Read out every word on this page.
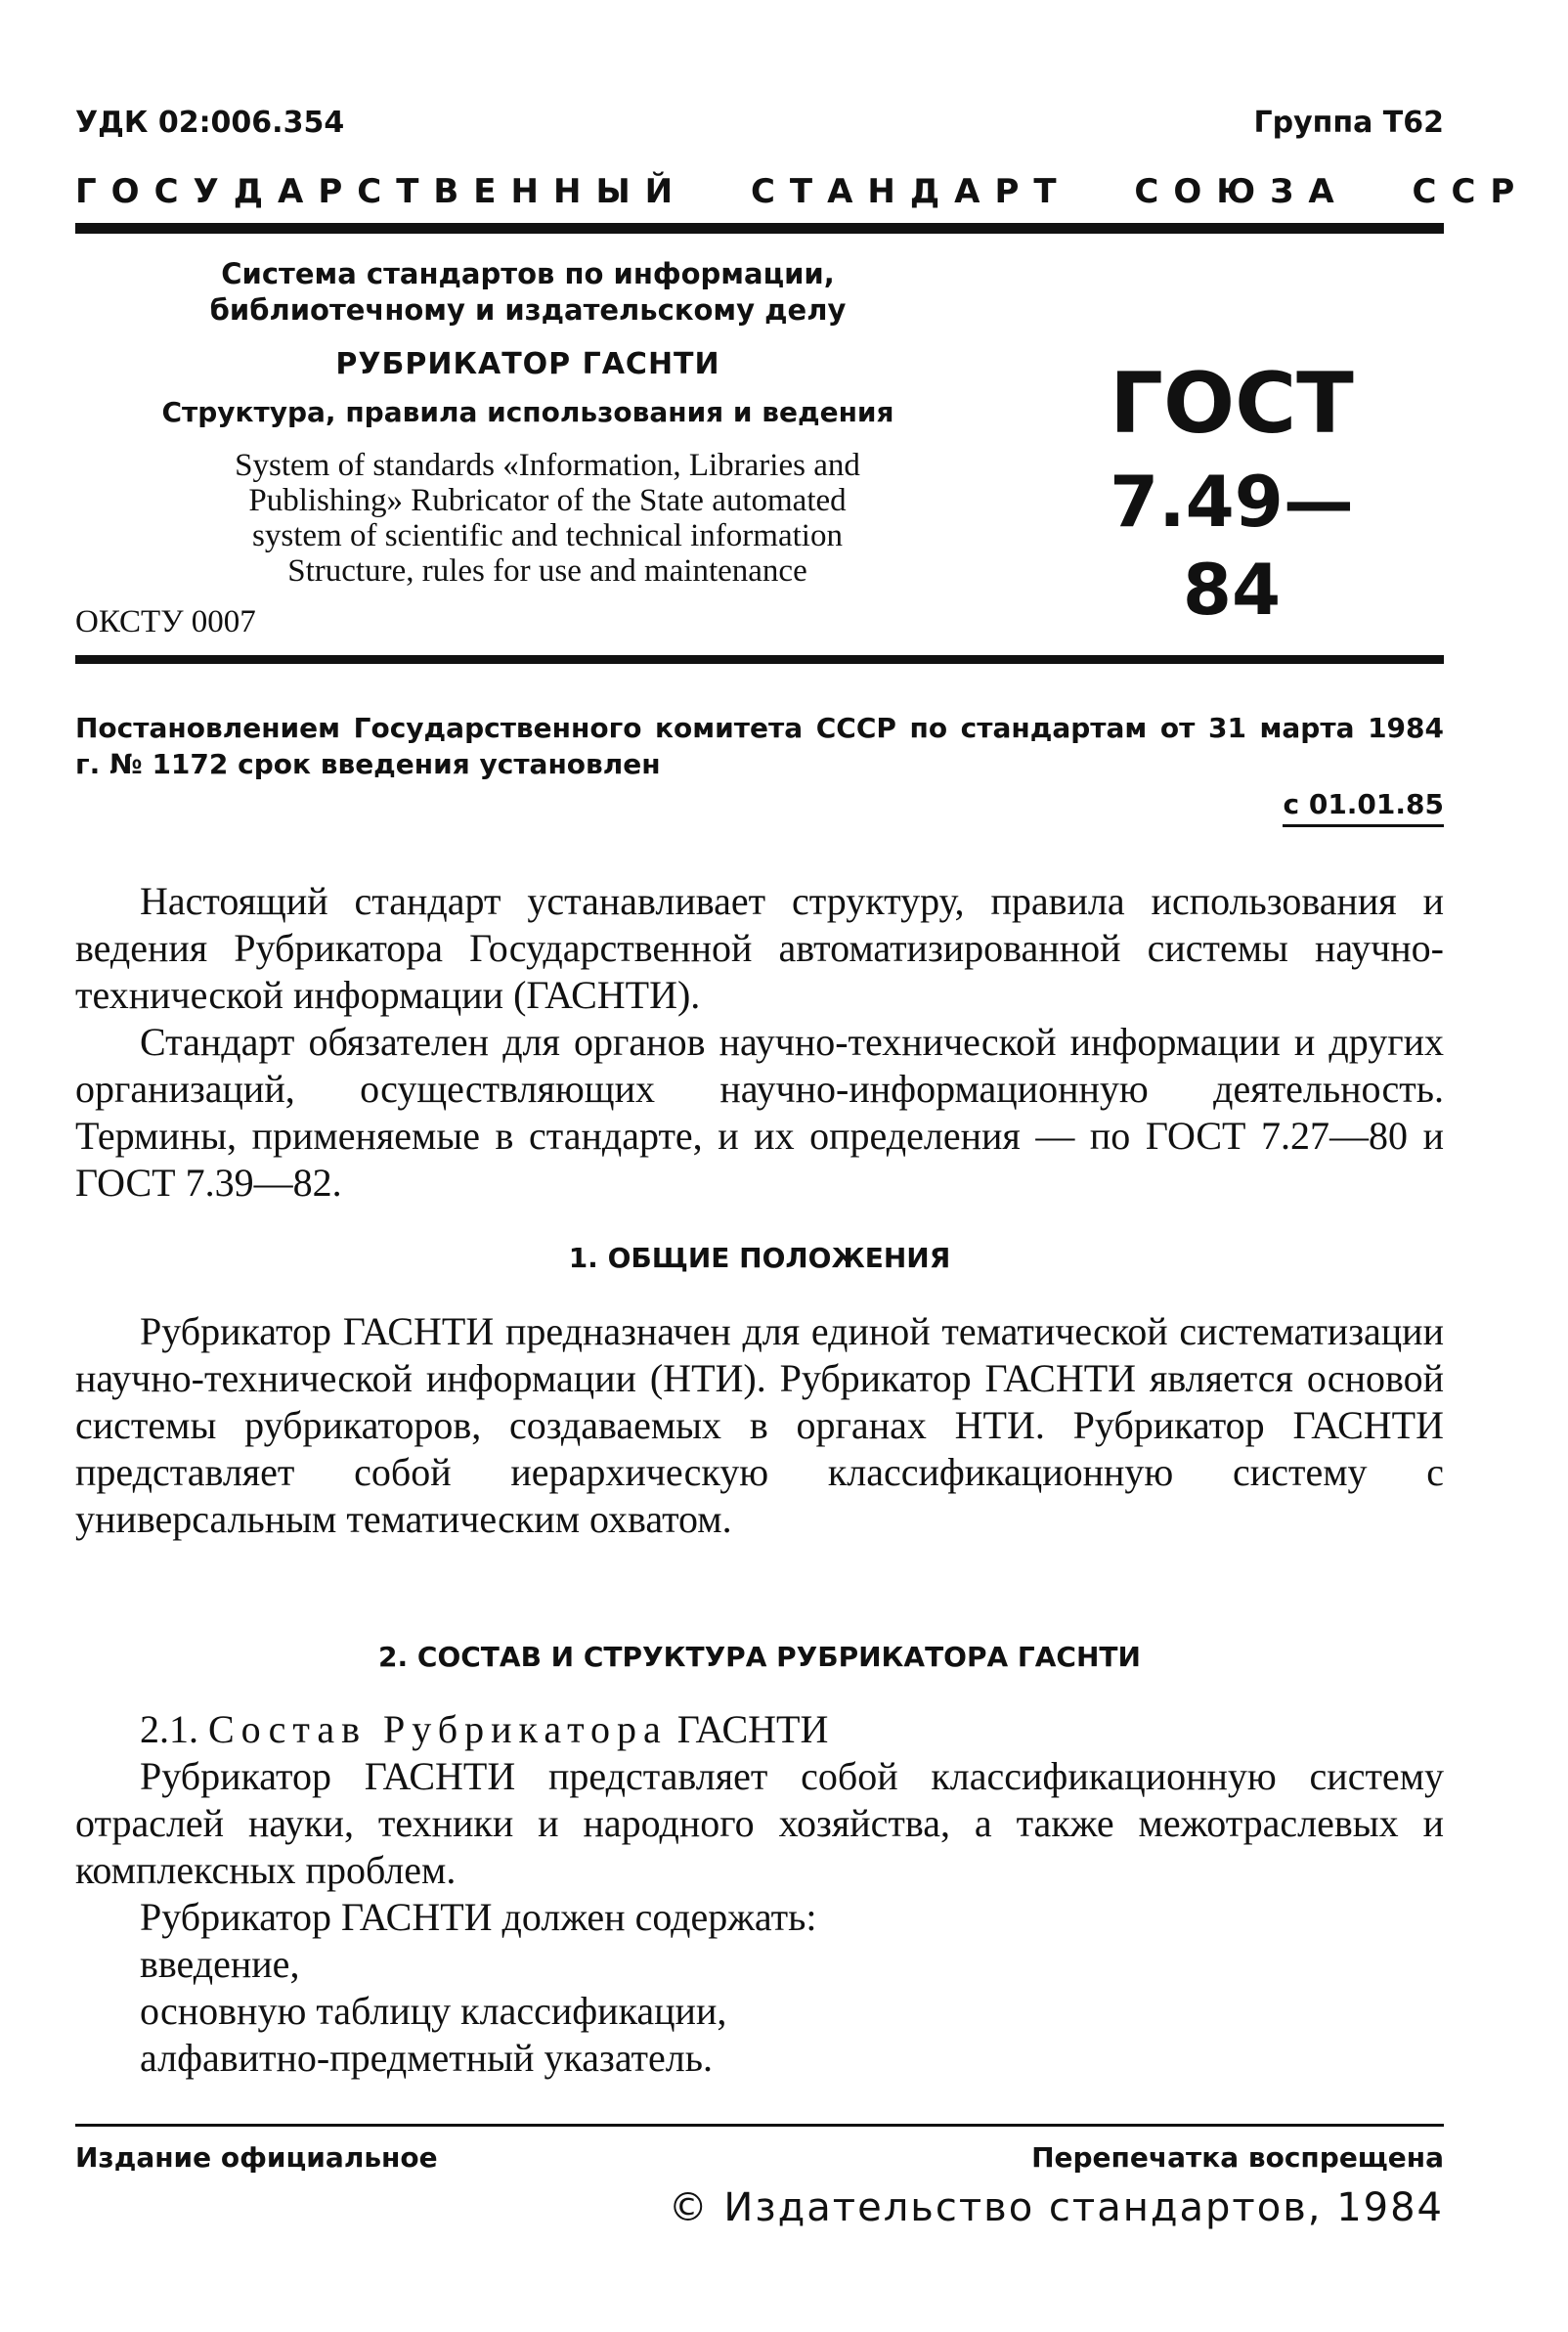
УДК 02:006.354	Группа Т62
ГОСУДАРСТВЕННЫЙ СТАНДАРТ СОЮЗА ССР
Система стандартов по информации,
библиотечному и издательскому делу
РУБРИКАТОР ГАСНТИ
Структура, правила использования и ведения
System of standards «Information, Libraries and
Publishing» Rubricator of the State automated
system of scientific and technical information
Structure, rules for use and maintenance
ОКСТУ 0007
ГОСТ
7.49—84
Постановлением Государственного комитета СССР по стандартам от 31 марта 1984 г. № 1172 срок введения установлен
с 01.01.85

Настоящий стандарт устанавливает структуру, правила использования и ведения Рубрикатора Государственной автоматизированной системы научно-технической информации (ГАСНТИ).

Стандарт обязателен для органов научно-технической информации и других организаций, осуществляющих научно-информационную деятельность. Термины, применяемые в стандарте, и их определения — по ГОСТ 7.27—80 и ГОСТ 7.39—82.

1. ОБЩИЕ ПОЛОЖЕНИЯ

Рубрикатор ГАСНТИ предназначен для единой тематической систематизации научно-технической информации (НТИ). Рубрикатор ГАСНТИ является основой системы рубрикаторов, создаваемых в органах НТИ. Рубрикатор ГАСНТИ представляет собой иерархическую классификационную систему с универсальным тематическим охватом.

2. СОСТАВ И СТРУКТУРА РУБРИКАТОРА ГАСНТИ

2.1. Состав Рубрикатора ГАСНТИ

Рубрикатор ГАСНТИ представляет собой классификационную систему отраслей науки, техники и народного хозяйства, а также межотраслевых и комплексных проблем.

Рубрикатор ГАСНТИ должен содержать:

введение,
основную таблицу классификации,
алфавитно-предметный указатель.
Издание официальное	Перепечатка воспрещена
© Издательство стандартов, 1984
